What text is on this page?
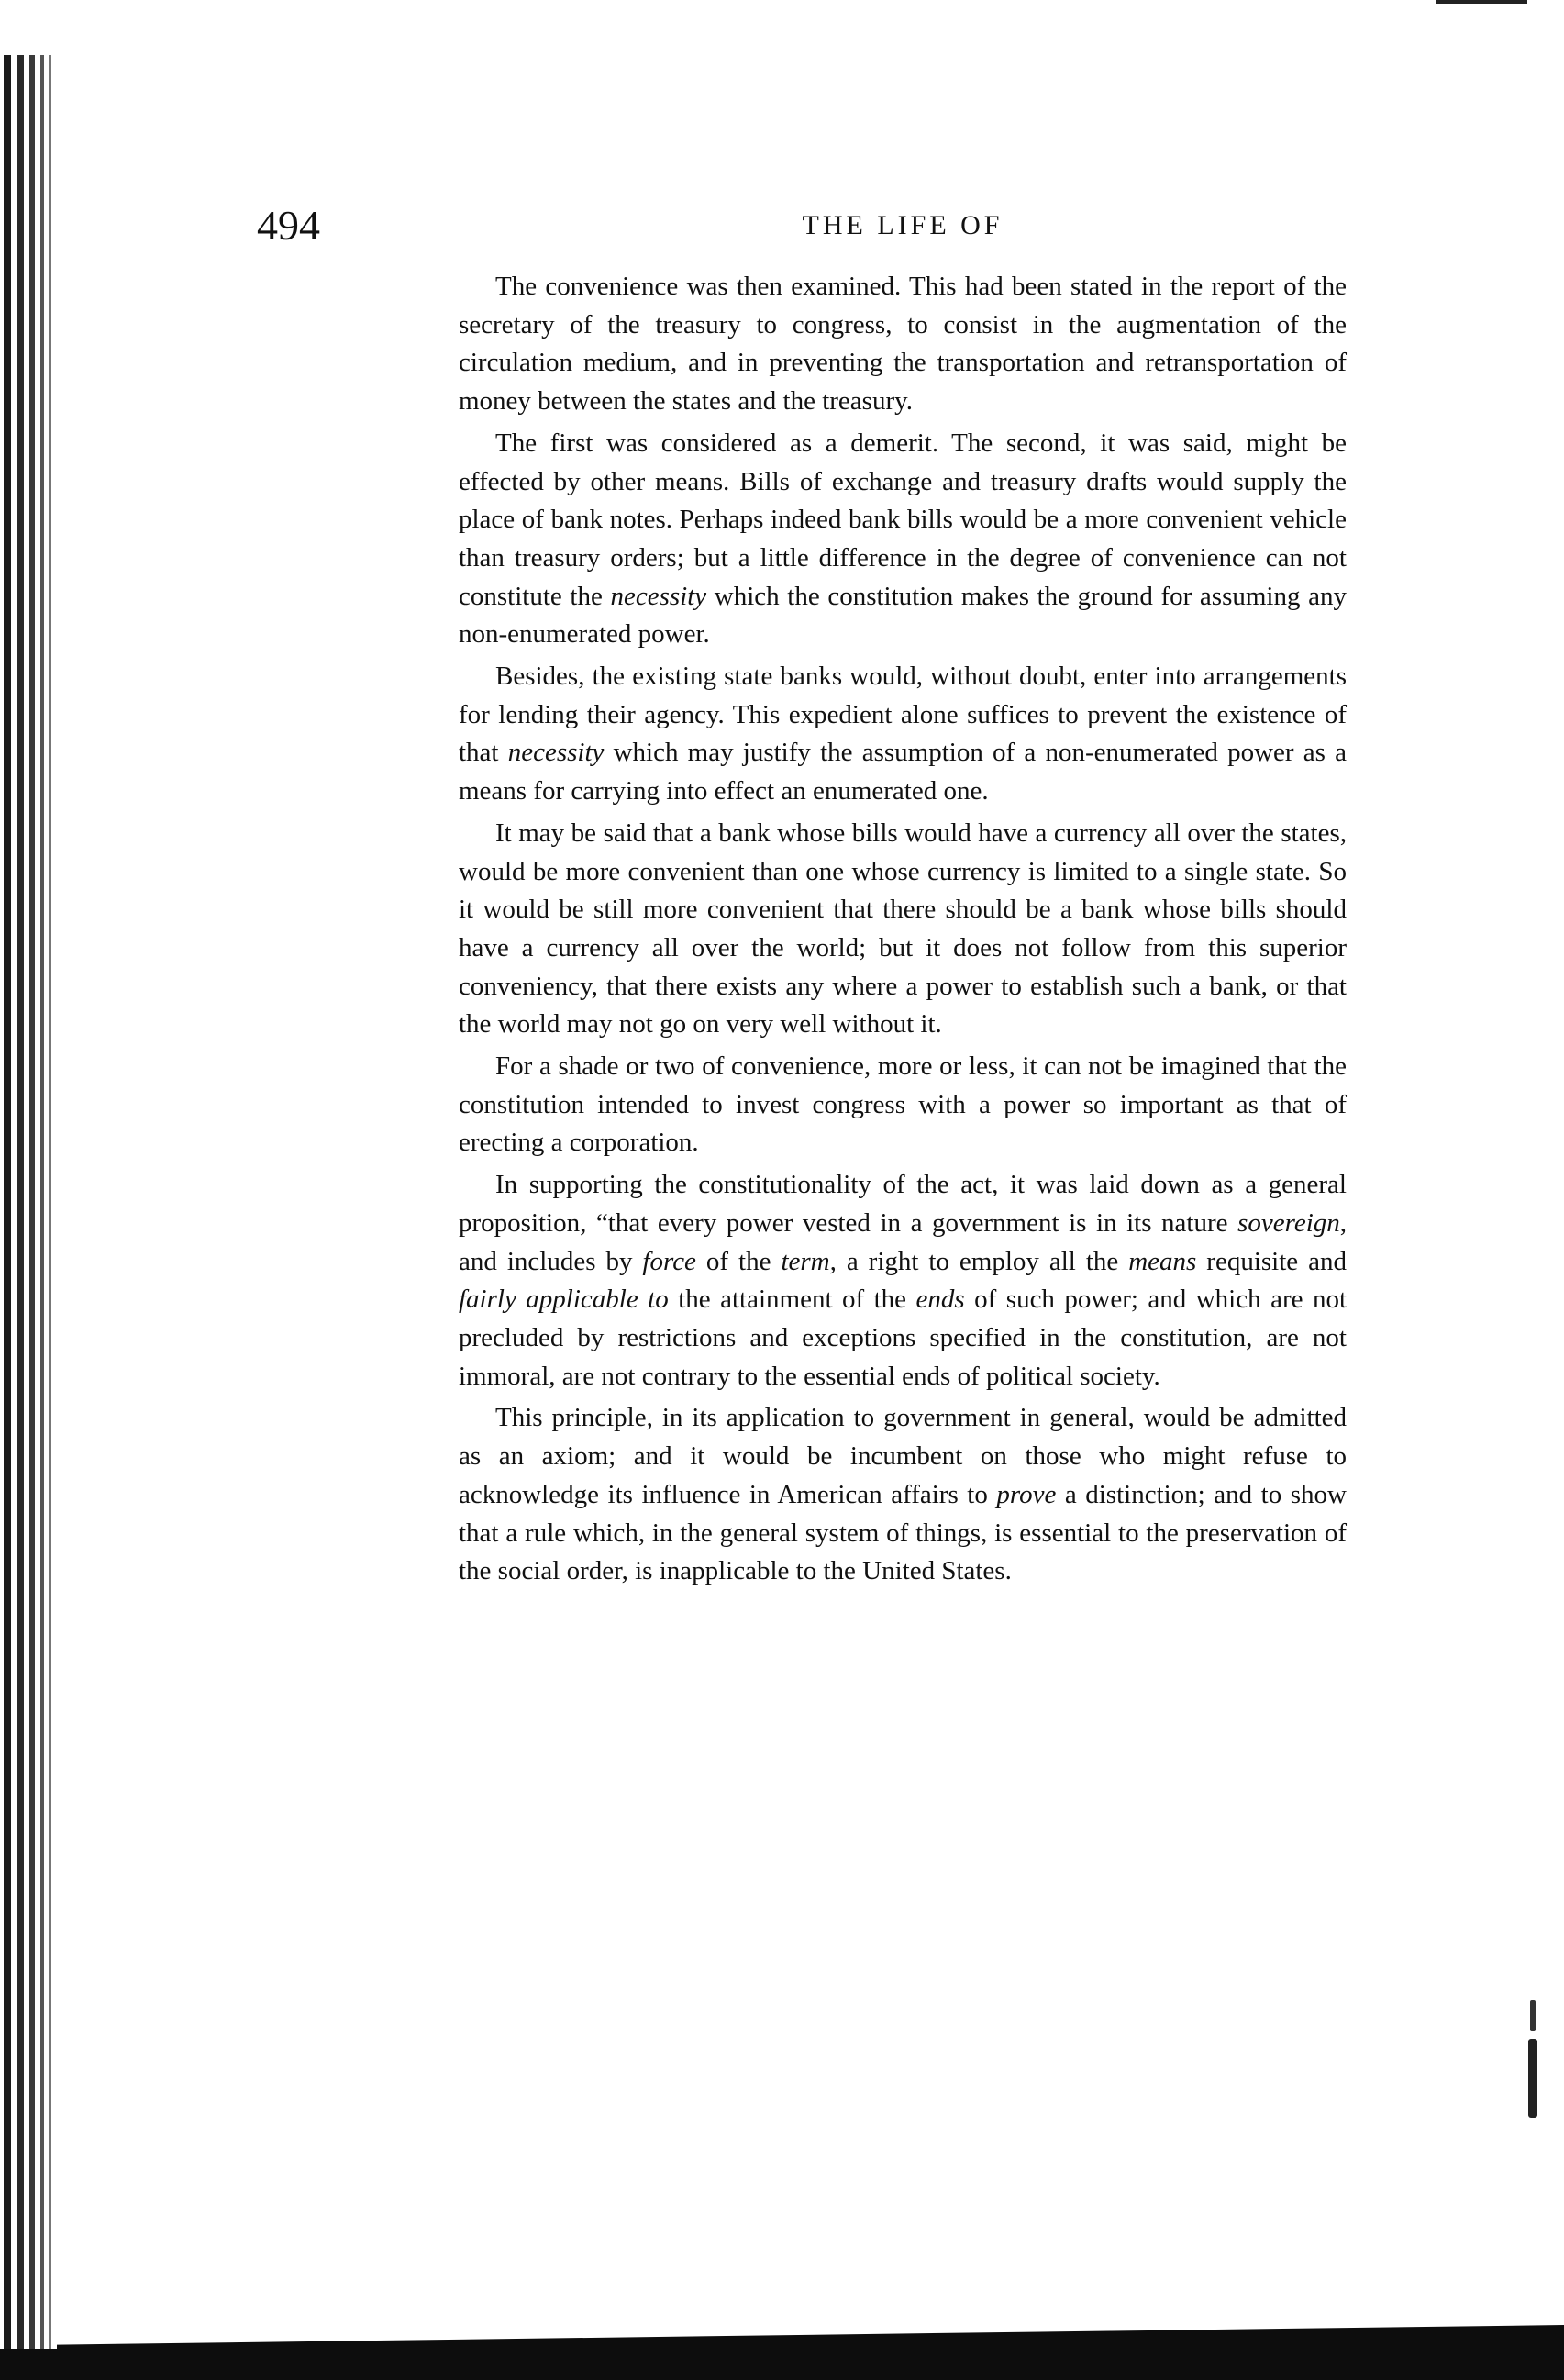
494	THE LIFE OF

The convenience was then examined. This had been stated in the report of the secretary of the treasury to congress, to consist in the augmentation of the circulation medium, and in preventing the transportation and retransportation of money between the states and the treasury.

The first was considered as a demerit. The second, it was said, might be effected by other means. Bills of exchange and treasury drafts would supply the place of bank notes. Perhaps indeed bank bills would be a more convenient vehicle than treasury orders; but a little difference in the degree of convenience can not constitute the necessity which the constitution makes the ground for assuming any non-enumerated power.

Besides, the existing state banks would, without doubt, enter into arrangements for lending their agency. This expedient alone suffices to prevent the existence of that necessity which may justify the assumption of a non-enumerated power as a means for carrying into effect an enumerated one.

It may be said that a bank whose bills would have a currency all over the states, would be more convenient than one whose currency is limited to a single state. So it would be still more convenient that there should be a bank whose bills should have a currency all over the world; but it does not follow from this superior conveniency, that there exists any where a power to establish such a bank, or that the world may not go on very well without it.

For a shade or two of convenience, more or less, it can not be imagined that the constitution intended to invest congress with a power so important as that of erecting a corporation.

In supporting the constitutionality of the act, it was laid down as a general proposition, “that every power vested in a government is in its nature sovereign, and includes by force of the term, a right to employ all the means requisite and fairly applicable to the attainment of the ends of such power; and which are not precluded by restrictions and exceptions specified in the constitution, are not immoral, are not contrary to the essential ends of political society.

This principle, in its application to government in general, would be admitted as an axiom; and it would be incumbent on those who might refuse to acknowledge its influence in American affairs to prove a distinction; and to show that a rule which, in the general system of things, is essential to the preservation of the social order, is inapplicable to the United States.
